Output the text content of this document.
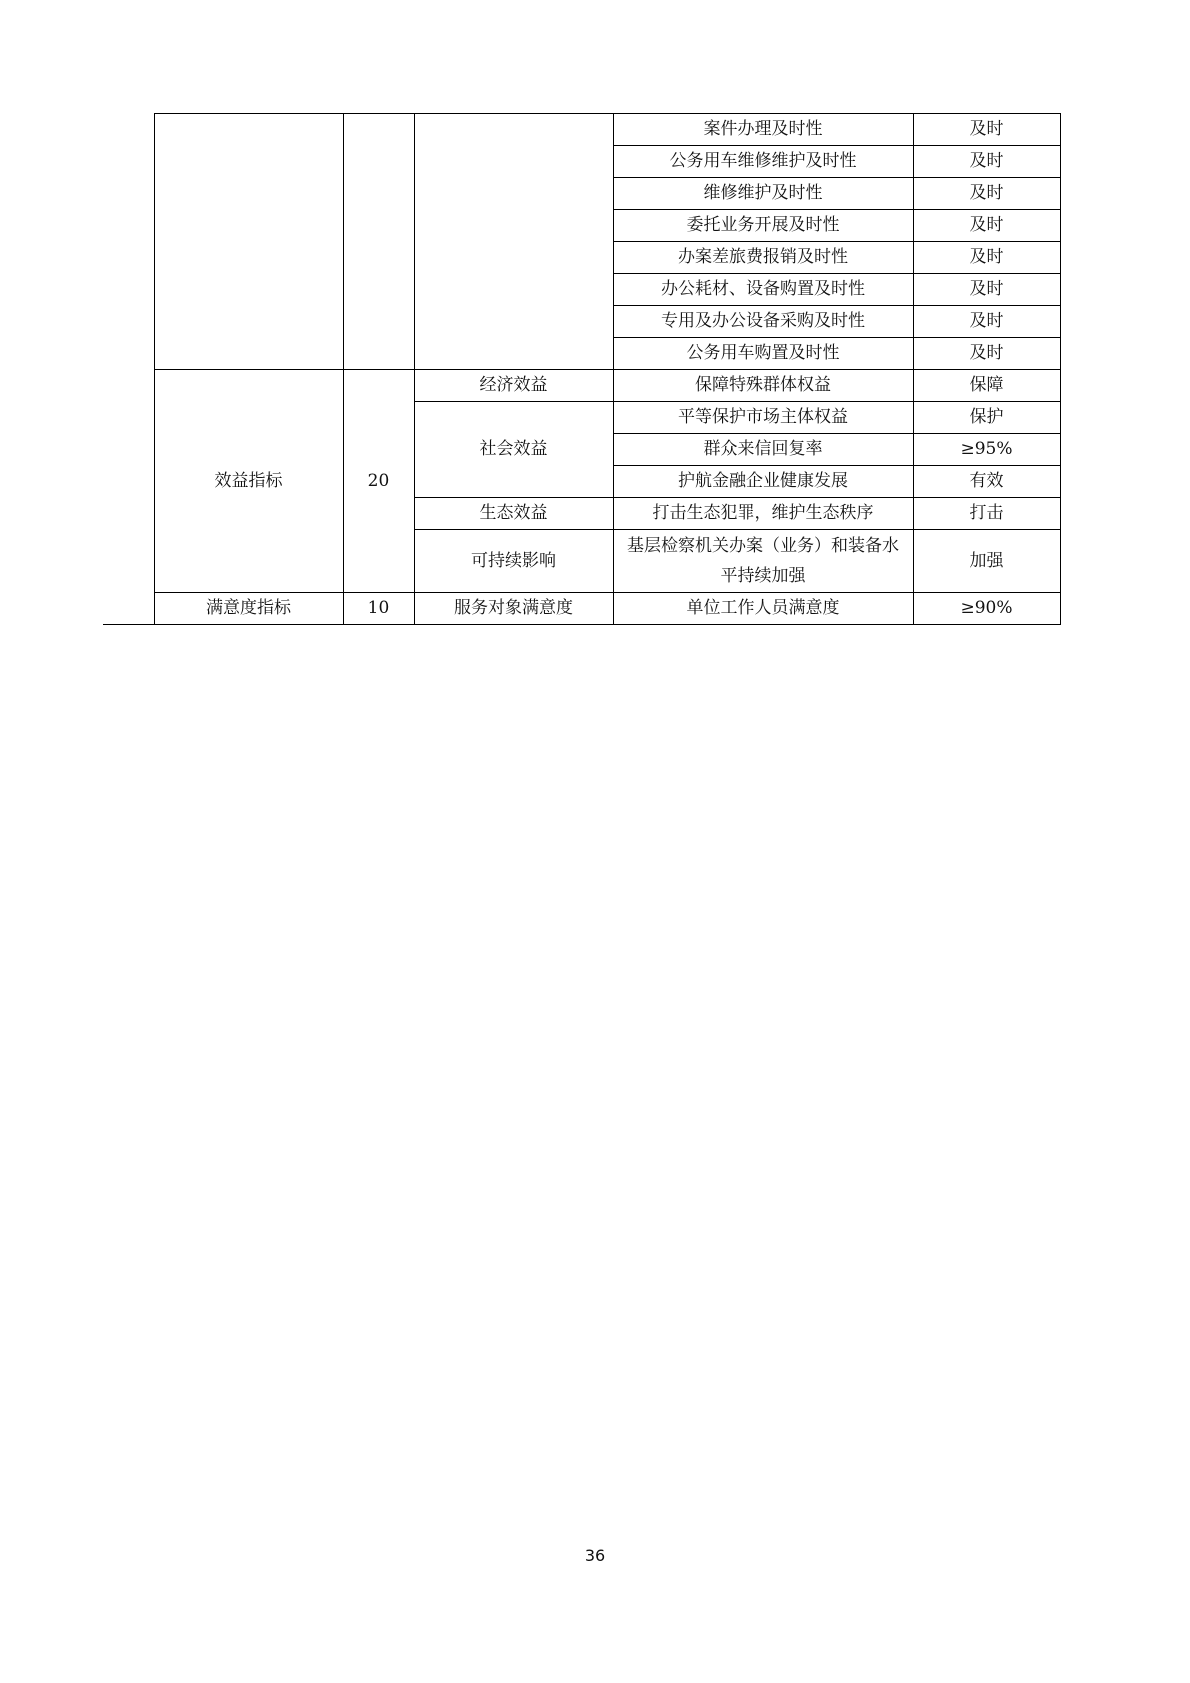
				案件办理及时性	及时
				公务用车维修维护及时性	及时
				维修维护及时性	及时
				委托业务开展及时性	及时
				办案差旅费报销及时性	及时
				办公耗材、设备购置及时性	及时
				专用及办公设备采购及时性	及时
				公务用车购置及时性	及时
	效益指标	20	经济效益	保障特殊群体权益	保障
			社会效益	平等保护市场主体权益	保护
				群众来信回复率	≥95%
				护航金融企业健康发展	有效
			生态效益	打击生态犯罪，维护生态秩序	打击
			可持续影响	基层检察机关办案（业务）和装备水平持续加强	加强
	满意度指标	10	服务对象满意度	单位工作人员满意度	≥90%
36
